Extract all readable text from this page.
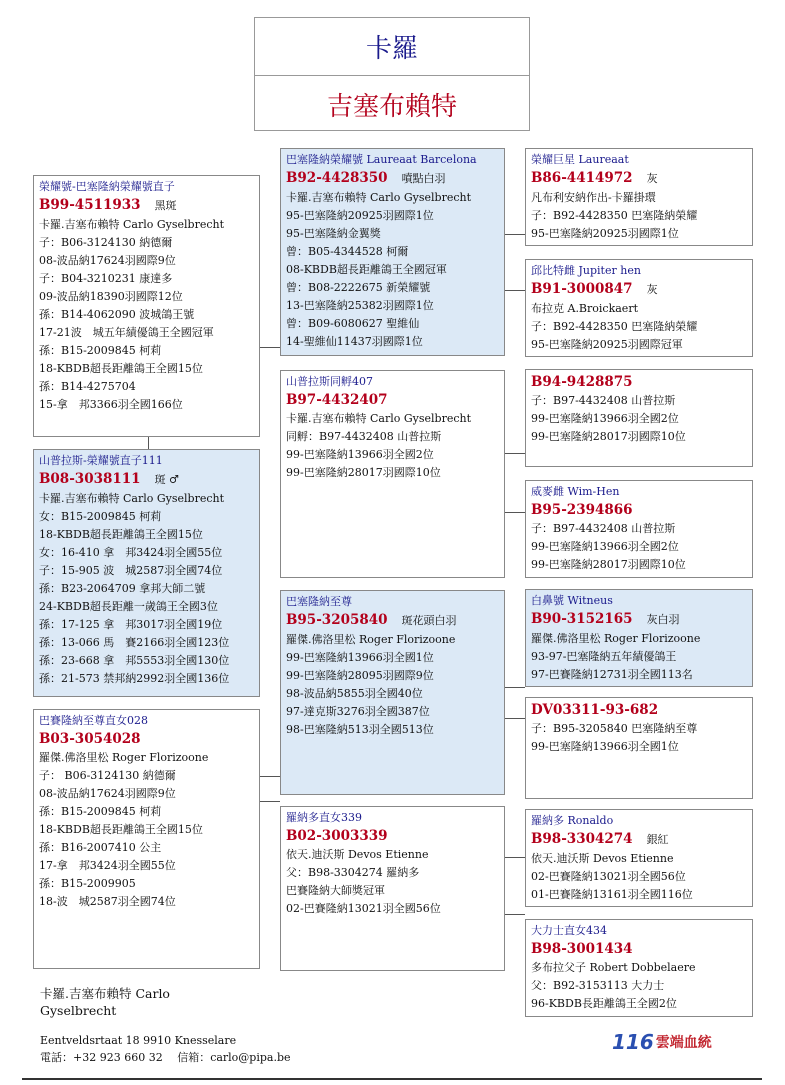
卡羅
吉塞布賴特
榮耀號-巴塞隆納榮耀號直子
B99-4511933 黑斑
卡羅.吉塞布賴特 Carlo Gyselbrecht
子：B06-3124130 納德爾
08-波品納17624羽國際9位
子：B04-3210231 康達多
09-波品納18390羽國際12位
孫：B14-4062090 波城鴿王號
17-21波　城五年績優鴿王全國冠軍
孫：B15-2009845 柯莉
18-KBDB超長距離鴿王全國15位
孫：B14-4275704
15-拿　邦3366羽全國166位
山普拉斯-榮耀號直子111
B08-3038111 斑 ♂
卡羅.吉塞布賴特 Carlo Gyselbrecht
女：B15-2009845 柯莉
18-KBDB超長距離鴿王全國15位
女：16-410 拿　邦3424羽全國55位
子：15-905 波　城2587羽全國74位
孫：B23-2064709 拿邦大師二號
24-KBDB超長距離一歲鴿王全國3位
孫：17-125 拿　邦3017羽全國19位
孫：13-066 馬　賽2166羽全國123位
孫：23-668 拿　邦5553羽全國130位
孫：21-573 禁邦納2992羽全國136位
巴賽隆納至尊直女028
B03-3054028
羅傑.佛洛里松 Roger Florizoone
子： B06-3124130 納德爾
08-波品納17624羽國際9位
孫：B15-2009845 柯莉
18-KBDB超長距離鴿王全國15位
孫：B16-2007410 公主
17-拿　邦3424羽全國55位
孫：B15-2009905
18-波　城2587羽全國74位
巴塞隆納榮耀號 Laureaat Barcelona
B92-4428350 噴點白羽
卡羅.吉塞布賴特 Carlo Gyselbrecht
95-巴塞隆納20925羽國際1位
95-巴塞隆納金翼獎
曾：B05-4344528 柯爾
08-KBDB超長距離鴿王全國冠軍
曾：B08-2222675 新榮耀號
13-巴塞隆納25382羽國際1位
曾：B09-6080627 聖維仙
14-聖維仙11437羽國際1位
山普拉斯同孵407
B97-4432407
卡羅.吉塞布賴特 Carlo Gyselbrecht
同孵：B97-4432408 山普拉斯
99-巴塞隆納13966羽全國2位
99-巴塞隆納28017羽國際10位
巴塞隆納至尊
B95-3205840 斑花頭白羽
羅傑.佛洛里松 Roger Florizoone
99-巴塞隆納13966羽全國1位
99-巴塞隆納28095羽國際9位
98-波品納5855羽全國40位
97-達克斯3276羽全國387位
98-巴塞隆納513羽全國513位
羅納多直女339
B02-3003339
依天.迪沃斯 Devos Etienne
父：B98-3304274 羅納多
巴賽隆納大師獎冠軍
02-巴賽隆納13021羽全國56位
榮耀巨星 Laureaat
B86-4414972 灰
凡布利安納作出-卡羅掛環
子：B92-4428350 巴塞隆納榮耀
95-巴塞隆納20925羽國際1位
邱比特雌 Jupiter hen
B91-3000847 灰
布拉克 A.Broickaert
子：B92-4428350 巴塞隆納榮耀
95-巴塞隆納20925羽國際冠軍
B94-9428875
子：B97-4432408 山普拉斯
99-巴塞隆納13966羽全國2位
99-巴塞隆納28017羽國際10位
威麥雌 Wim-Hen
B95-2394866
子：B97-4432408 山普拉斯
99-巴塞隆納13966羽全國2位
99-巴塞隆納28017羽國際10位
白鼻號 Witneus
B90-3152165 灰白羽
羅傑.佛洛里松 Roger Florizoone
93-97-巴塞隆納五年績優鴿王
97-巴賽隆納12731羽全國113名
DV03311-93-682
子：B95-3205840 巴塞隆納至尊
99-巴塞隆納13966羽全國1位
羅納多 Ronaldo
B98-3304274 銀紅
依天.迪沃斯 Devos Etienne
02-巴賽隆納13021羽全國56位
01-巴賽隆納13161羽全國116位
大力士直女434
B98-3001434
多布拉父子 Robert Dobbelaere
父：B92-3153113 大力士
96-KBDB長距離鴿王全國2位
卡羅.吉塞布賴特 Carlo
Gyselbrecht
Eentveldsrtaat 18 9910 Knesselare
電話：+32 923 660 32　 信箱：carlo@pipa.be
116 雲端血統
